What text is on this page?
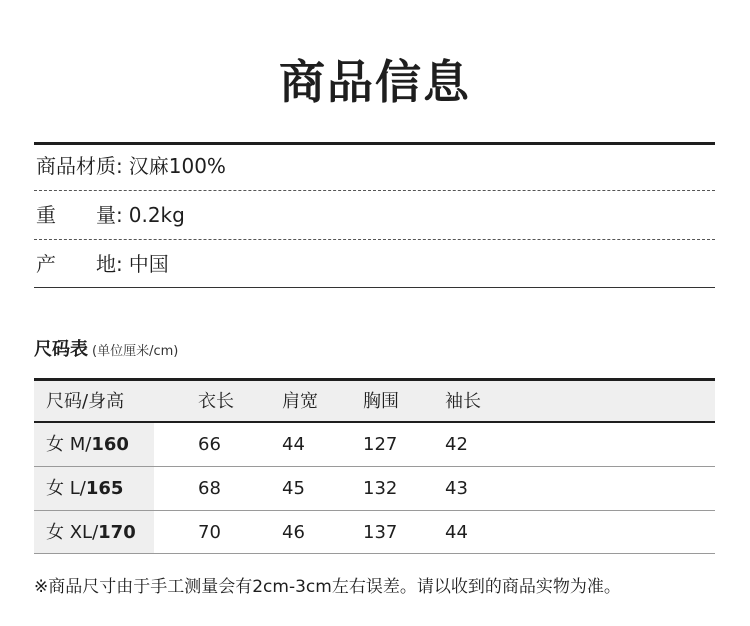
商品信息
商品材质: 汉麻100%
重 量: 0.2kg
产 地: 中国
尺码表 (单位厘米/cm)
尺码/身高	衣长	肩宽	胸围	袖长
女 M/160	66	44	127	42
女 L/165	68	45	132	43
女 XL/170	70	46	137	44
※商品尺寸由于手工测量会有2cm-3cm左右误差。请以收到的商品实物为准。
